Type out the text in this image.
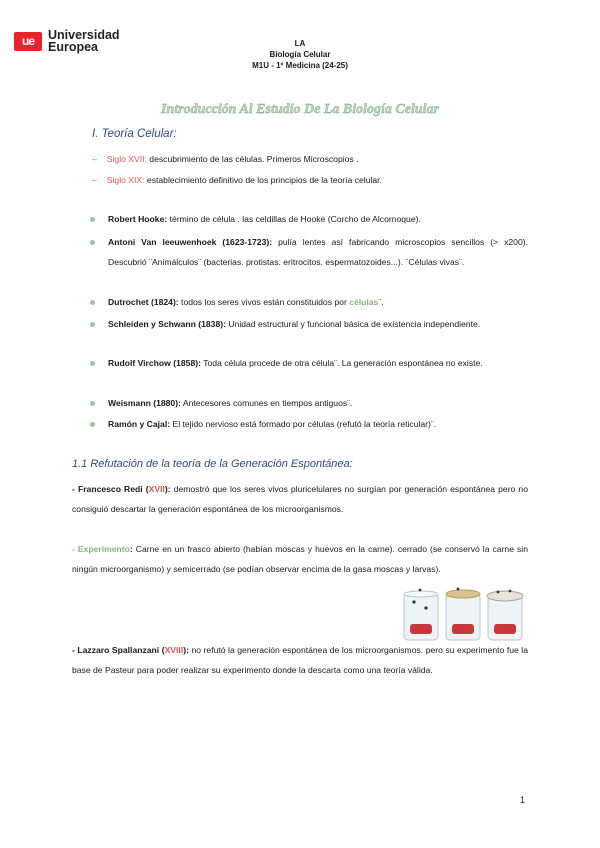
ue	Universidad
Europea	LA
Biología Celular
M1U - 1º Medicina (24-25)
Introducción Al Estudio De La Biología Celular
I. Teoría Celular:
– Siglo XVII: descubrimiento de las células. Primeros Microscopios .
– Siglo XIX: establecimiento definitivo de los principios de la teoría celular.
Robert Hooke: término de célula . las celdillas de Hooke (Corcho de Alcornoque).
Antoni Van leeuwenhoek (1623-1723): pulía lentes así fabricando microscopios sencillos (> x200). Descubrió ¨Animálculos¨ (bacterias. protistas. eritrocitos. espermatozoides...). ¨Células vivas¨.
Dutrochet (1824): todos los seres vivos están constituidos por células¨.
Schleiden y Schwann (1838): Unidad estructural y funcional básica de existencia independiente.
Rudolf Virchow (1858): Toda célula procede de otra célula¨. La generación espontánea no existe.
Weismann (1880): Antecesores comunes en tiempos antiguos¨.
Ramón y Cajal: El tejido nervioso está formado por células (refutó la teoría reticular)¨.
1.1 Refutación de la teoría de la Generación Espontánea:
- Francesco Redi (XVII): demostró que los seres vivos pluricelulares no surgían por generación espontánea pero no consiguió descartar la generación espontánea de los microorganismos.
- Experimento: Carne en un frasco abierto (habían moscas y huevos en la carne). cerrado (se conservó la carne sin ningún microorganismo) y semicerrado (se podían observar encima de la gasa moscas y larvas).
- Lazzaro Spallanzani (XVIII): no refutó la generación espontánea de los microorganismos. pero su experimento fue la base de Pasteur para poder realizar su experimento donde la descarta como una teoría válida.
1
